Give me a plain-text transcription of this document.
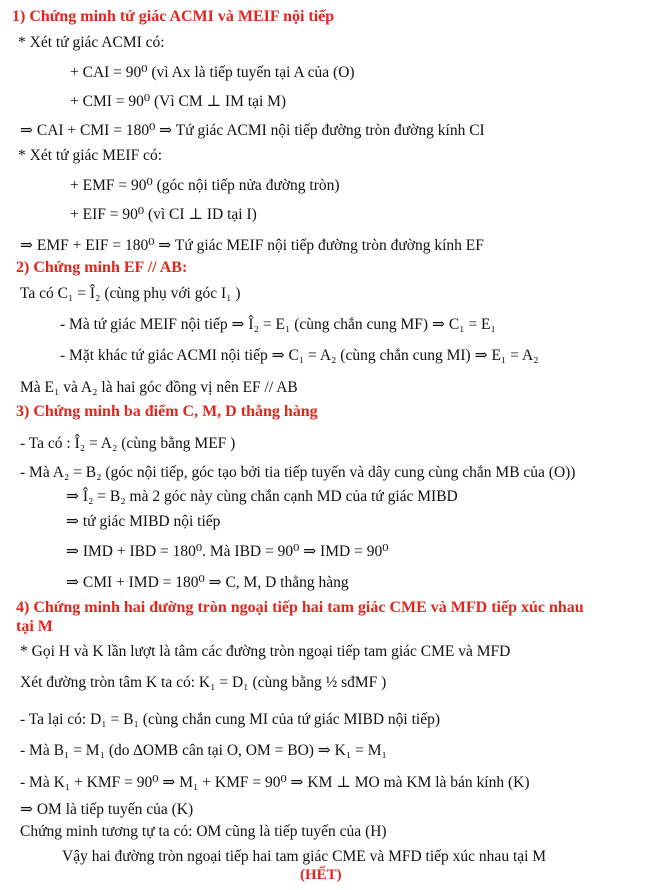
1) Chứng minh tứ giác ACMI và MEIF nội tiếp
* Xét tứ giác ACMI có:
+ CAI = 90⁰ (vì Ax là tiếp tuyến tại A của (O)
+ CMI = 90⁰ (Vì CM ⊥ IM tại M)
⇒ CAI + CMI = 180⁰ ⇒ Tứ giác ACMI nội tiếp đường tròn đường kính CI
* Xét tứ giác MEIF có:
+ EMF = 90⁰ (góc nội tiếp nửa đường tròn)
+ EIF = 90⁰ (vì CI ⊥ ID tại I)
⇒ EMF + EIF = 180⁰ ⇒ Tứ giác MEIF nội tiếp đường tròn đường kính EF
2) Chứng minh EF // AB:
Ta có C₁ = Î₂ (cùng phụ với góc I₁ )
- Mà tứ giác MEIF nội tiếp ⇒ Î₂ = E₁ (cùng chắn cung MF) ⇒ C₁ = E₁
- Mặt khác tứ giác ACMI nội tiếp ⇒ C₁ = A₂ (cùng chắn cung MI) ⇒ E₁ = A₂
Mà E₁ và A₂ là hai góc đồng vị nên EF // AB
3) Chứng minh ba điểm C, M, D thẳng hàng
- Ta có : Î₂ = A₂ (cùng bằng MEF )
- Mà A₂ = B₂ (góc nội tiếp, góc tạo bởi tia tiếp tuyến và dây cung cùng chắn MB của (O))
⇒ Î₂ = B₂ mà 2 góc này cùng chắn cạnh MD của tứ giác MIBD
⇒ tứ giác MIBD nội tiếp
⇒ IMD + IBD = 180⁰. Mà IBD = 90⁰ ⇒ IMD = 90⁰
⇒ CMI + IMD = 180⁰ ⇒ C, M, D thẳng hàng
4) Chứng minh hai đường tròn ngoại tiếp hai tam giác CME và MFD tiếp xúc nhau
tại M
* Gọi H và K lần lượt là tâm các đường tròn ngoại tiếp tam giác CME và MFD
Xét đường tròn tâm K ta có: K₁ = D₁ (cùng bằng ½ sđMF )
- Ta lại có: D₁ = B₁ (cùng chắn cung MI của tứ giác MIBD nội tiếp)
- Mà B₁ = M₁ (do ∆OMB cân tại O, OM = BO) ⇒ K₁ = M₁
- Mà K₁ + KMF = 90⁰ ⇒ M₁ + KMF = 90⁰ ⇒ KM ⊥ MO mà KM là bán kính (K)
⇒ OM là tiếp tuyến của (K)
Chứng minh tương tự ta có: OM cũng là tiếp tuyến của (H)
Vậy hai đường tròn ngoại tiếp hai tam giác CME và MFD tiếp xúc nhau tại M
(HẾT)
